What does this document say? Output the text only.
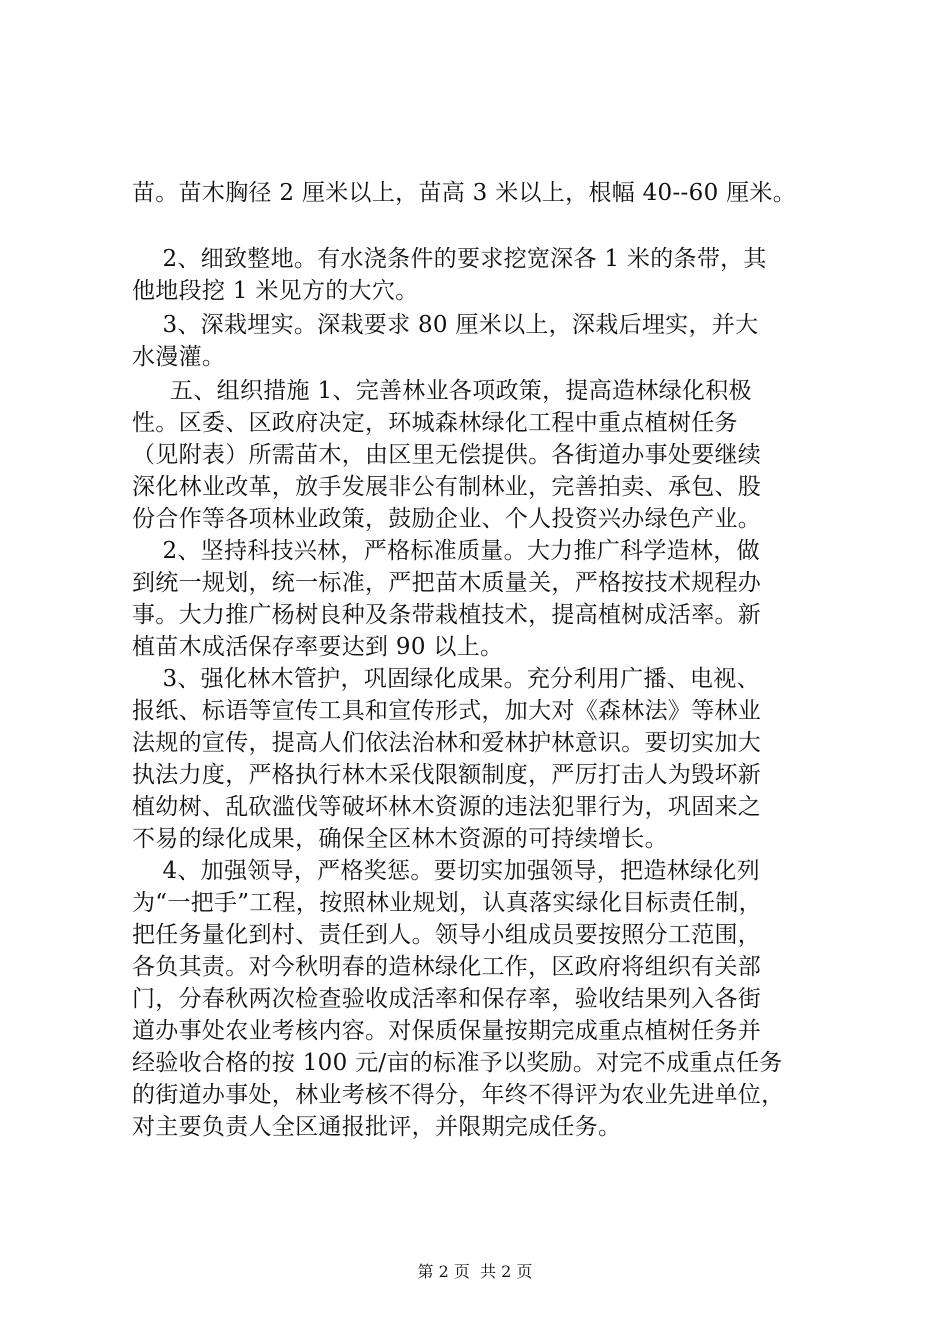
苗。苗木胸径 2 厘米以上，苗高 3 米以上，根幅 40--60 厘米。
2、细致整地。有水浇条件的要求挖宽深各 1 米的条带，其
他地段挖 1 米见方的大穴。
3、深栽埋实。深栽要求 80 厘米以上，深栽后埋实，并大
水漫灌。
五、组织措施 1、完善林业各项政策，提高造林绿化积极
性。区委、区政府决定，环城森林绿化工程中重点植树任务
（见附表）所需苗木，由区里无偿提供。各街道办事处要继续
深化林业改革，放手发展非公有制林业，完善拍卖、承包、股
份合作等各项林业政策，鼓励企业、个人投资兴办绿色产业。
2、坚持科技兴林，严格标准质量。大力推广科学造林，做
到统一规划，统一标准，严把苗木质量关，严格按技术规程办
事。大力推广杨树良种及条带栽植技术，提高植树成活率。新
植苗木成活保存率要达到 90 以上。
3、强化林木管护，巩固绿化成果。充分利用广播、电视、
报纸、标语等宣传工具和宣传形式，加大对《森林法》等林业
法规的宣传，提高人们依法治林和爱林护林意识。要切实加大
执法力度，严格执行林木采伐限额制度，严厉打击人为毁坏新
植幼树、乱砍滥伐等破坏林木资源的违法犯罪行为，巩固来之
不易的绿化成果，确保全区林木资源的可持续增长。
4、加强领导，严格奖惩。要切实加强领导，把造林绿化列
为“一把手”工程，按照林业规划，认真落实绿化目标责任制，
把任务量化到村、责任到人。领导小组成员要按照分工范围，
各负其责。对今秋明春的造林绿化工作，区政府将组织有关部
门，分春秋两次检查验收成活率和保存率，验收结果列入各街
道办事处农业考核内容。对保质保量按期完成重点植树任务并
经验收合格的按 100 元/亩的标准予以奖励。对完不成重点任务
的街道办事处，林业考核不得分，年终不得评为农业先进单位，
对主要负责人全区通报批评，并限期完成任务。
第 2 页  共 2 页
